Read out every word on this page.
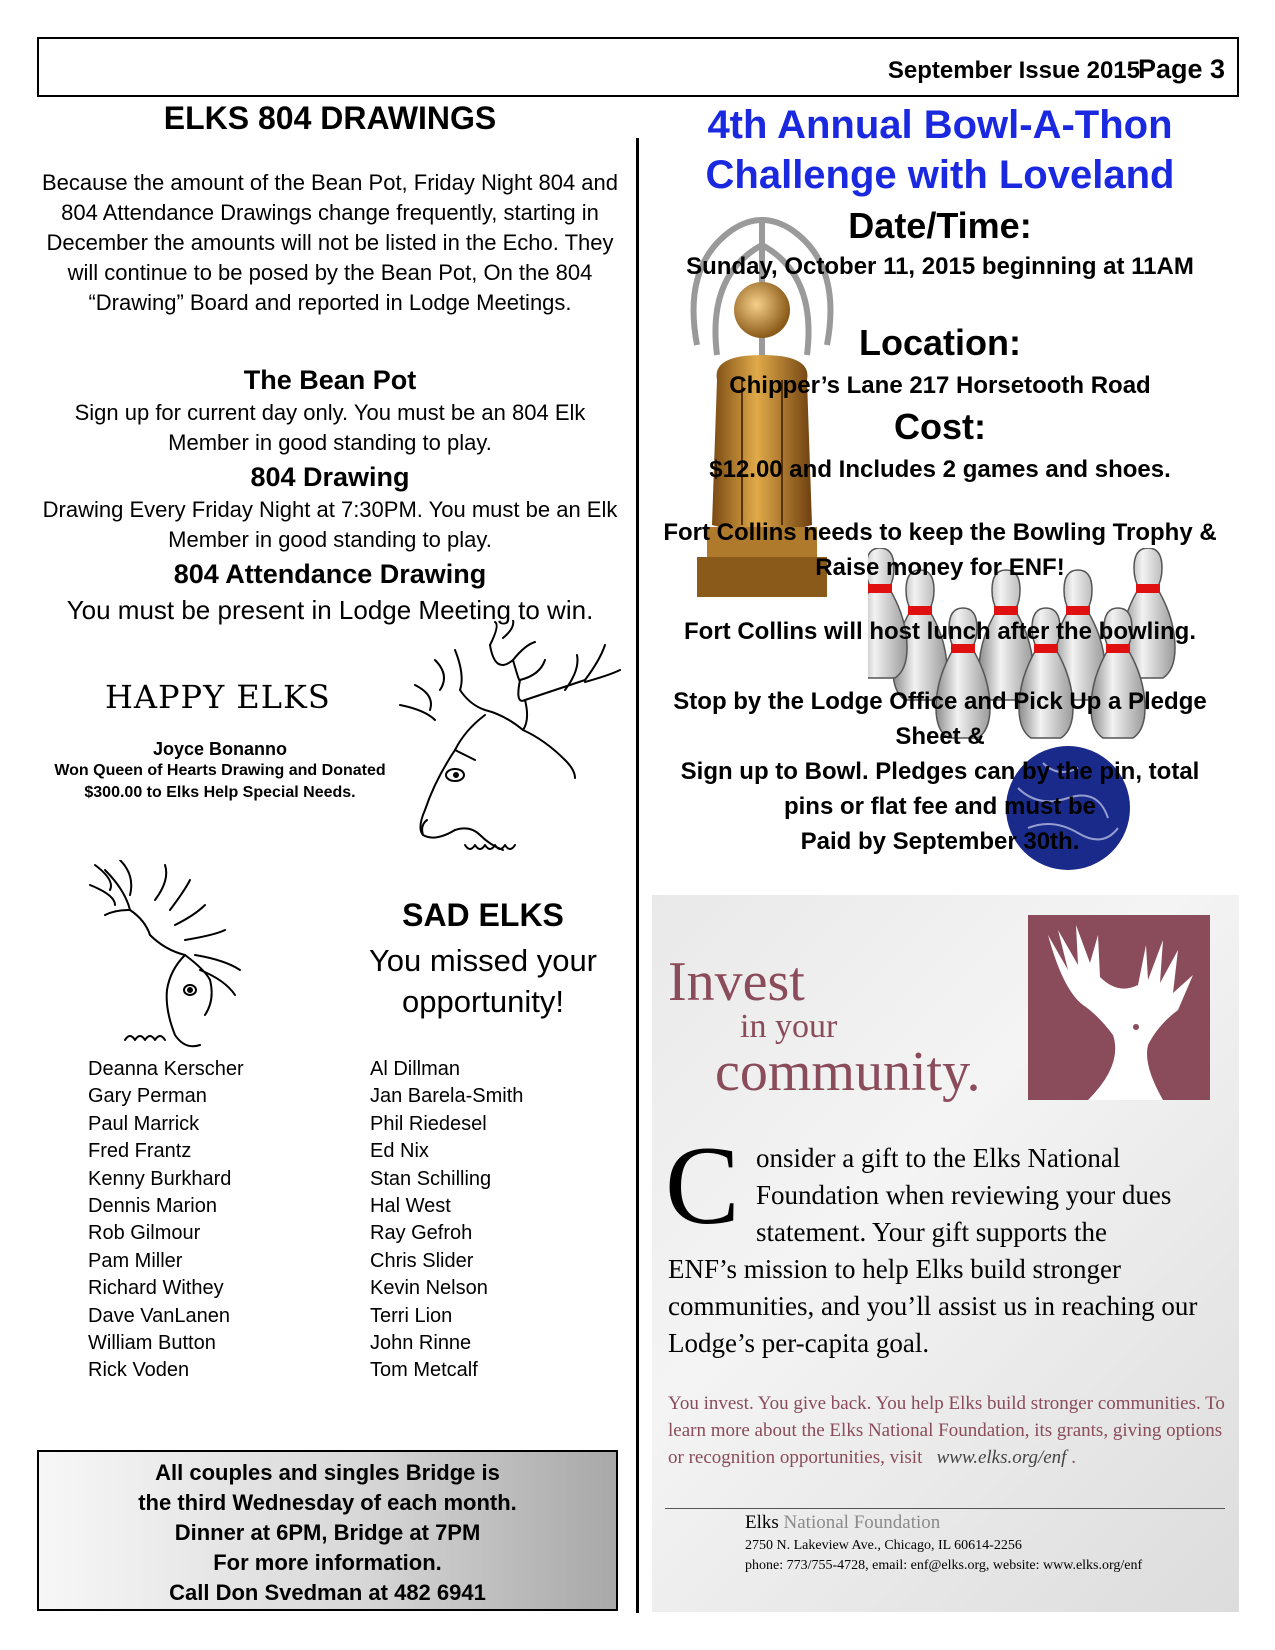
September Issue 2015
Page 3
ELKS 804 DRAWINGS
Because the amount of the Bean Pot, Friday Night 804 and 804 Attendance Drawings change frequently, starting in December the amounts will not be listed in the Echo. They will continue to be posed by the Bean Pot, On the 804 “Drawing” Board and reported in Lodge Meetings.
The Bean Pot
Sign up for current day only. You must be an 804 Elk Member in good standing to play.
804 Drawing
Drawing Every Friday Night at 7:30PM. You must be an Elk Member in good standing to play.
804 Attendance Drawing
You must be present in Lodge Meeting to win.
HAPPY ELKS
Joyce Bonanno
Won Queen of Hearts Drawing and Donated $300.00 to Elks Help Special Needs.
SAD ELKS
You missed your opportunity!
Deanna Kerscher
Gary Perman
Paul Marrick
Fred Frantz
Kenny Burkhard
Dennis Marion
Rob Gilmour
Pam Miller
Richard Withey
Dave VanLanen
William Button
Rick Voden
Al Dillman
Jan Barela-Smith
Phil Riedesel
Ed Nix
Stan Schilling
Hal West
Ray Gefroh
Chris Slider
Kevin Nelson
Terri Lion
John Rinne
Tom Metcalf
All couples and singles Bridge is
the third Wednesday of each month.
Dinner at 6PM, Bridge at 7PM
For more information.
Call Don Svedman at 482 6941
4th Annual Bowl-A-Thon
Challenge with Loveland
Date/Time:
Sunday, October 11, 2015 beginning at 11AM
Location:
Chipper’s Lane 217 Horsetooth Road
Cost:
$12.00 and Includes 2 games and shoes.
Fort Collins needs to keep the Bowling Trophy & Raise money for ENF!
Fort Collins will host lunch after the bowling.
Stop by the Lodge Office and Pick Up a Pledge Sheet &
Sign up to Bowl. Pledges can by the pin, total pins or flat fee and must be
Paid by September 30th.
Invest
in your
community.
C onsider a gift to the Elks National Foundation when reviewing your dues statement. Your gift supports the
ENF’s mission to help Elks build stronger communities, and you’ll assist us in reaching our Lodge’s per-capita goal.
You invest. You give back. You help Elks build stronger communities. To learn more about the Elks National Foundation, its grants, giving options or recognition opportunities, visit www.elks.org/enf .
Elks National Foundation
2750 N. Lakeview Ave., Chicago, IL 60614-2256
phone: 773/755-4728, email: enf@elks.org, website: www.elks.org/enf
